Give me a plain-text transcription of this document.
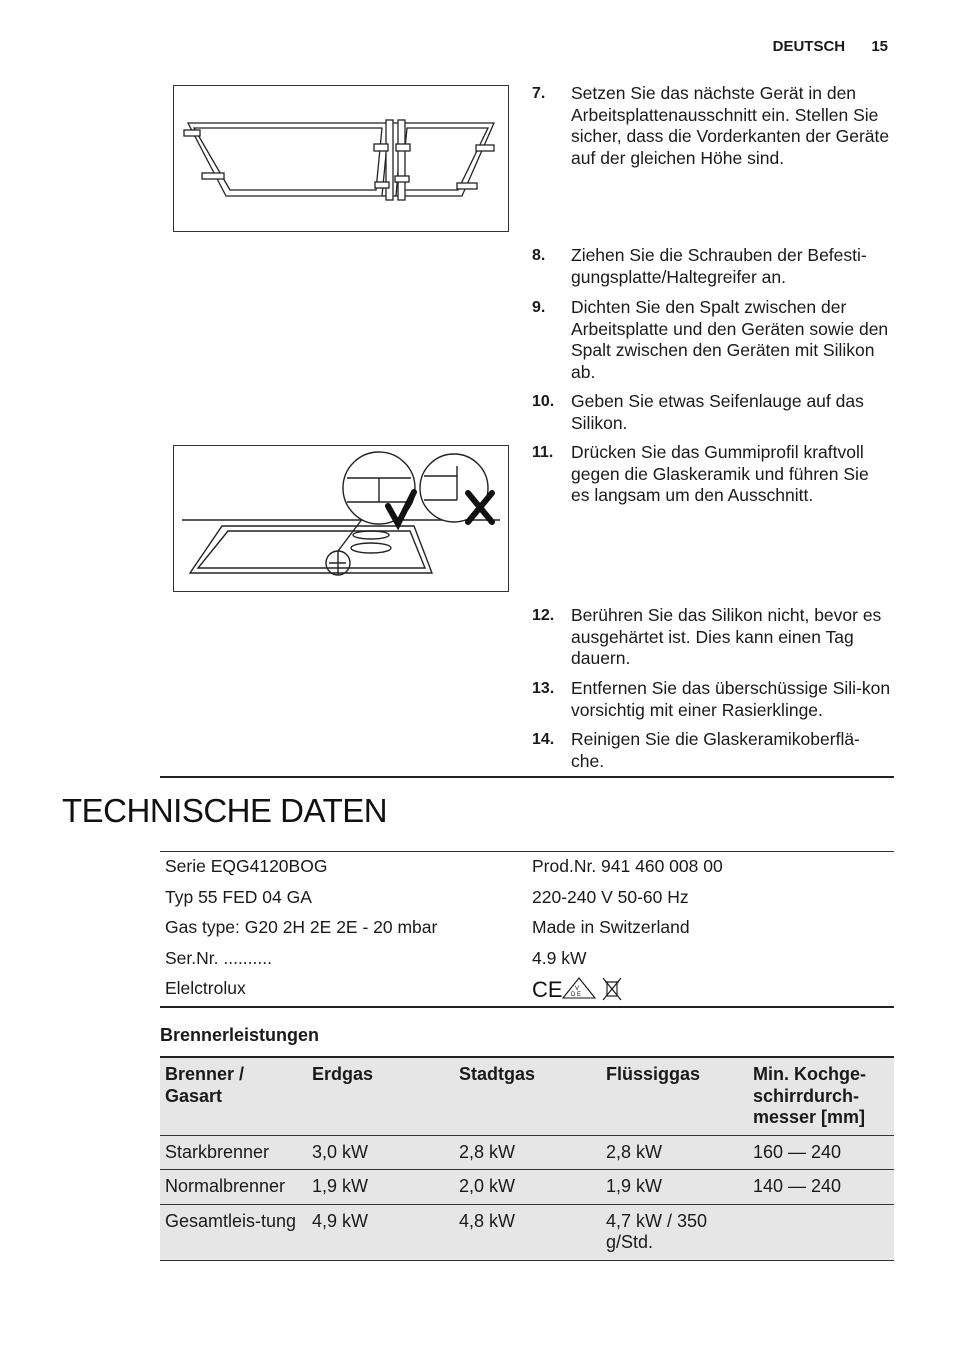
DEUTSCH 15
7. Setzen Sie das nächste Gerät in den Arbeitsplattenausschnitt ein. Stellen Sie sicher, dass die Vorderkanten der Geräte auf der gleichen Höhe sind.
8. Ziehen Sie die Schrauben der Befesti-gungsplatte/Haltegreifer an.
9. Dichten Sie den Spalt zwischen der Arbeitsplatte und den Geräten sowie den Spalt zwischen den Geräten mit Silikon ab.
10. Geben Sie etwas Seifenlauge auf das Silikon.
11. Drücken Sie das Gummiprofil kraftvoll gegen die Glaskeramik und führen Sie es langsam um den Ausschnitt.
12. Berühren Sie das Silikon nicht, bevor es ausgehärtet ist. Dies kann einen Tag dauern.
13. Entfernen Sie das überschüssige Sili-kon vorsichtig mit einer Rasierklinge.
14. Reinigen Sie die Glaskeramikoberflä-che.
TECHNISCHE DATEN
Serie EQG4120BOG	Prod.Nr. 941 460 008 00
Typ 55 FED 04 GA	220-240 V 50-60 Hz
Gas type: G20 2H 2E 2E - 20 mbar	Made in Switzerland
Ser.Nr. ..........	4.9 kW
Elelctrolux	CE V
D E
Brennerleistungen
Brenner / Gasart	Erdgas	Stadtgas	Flüssiggas	Min. Kochge-schirrdurch-messer [mm]
Starkbrenner	3,0 kW	2,8 kW	2,8 kW	160 — 240
Normalbrenner	1,9 kW	2,0 kW	1,9 kW	140 — 240
Gesamtleis-tung	4,9 kW	4,8 kW	4,7 kW / 350 g/Std.	
